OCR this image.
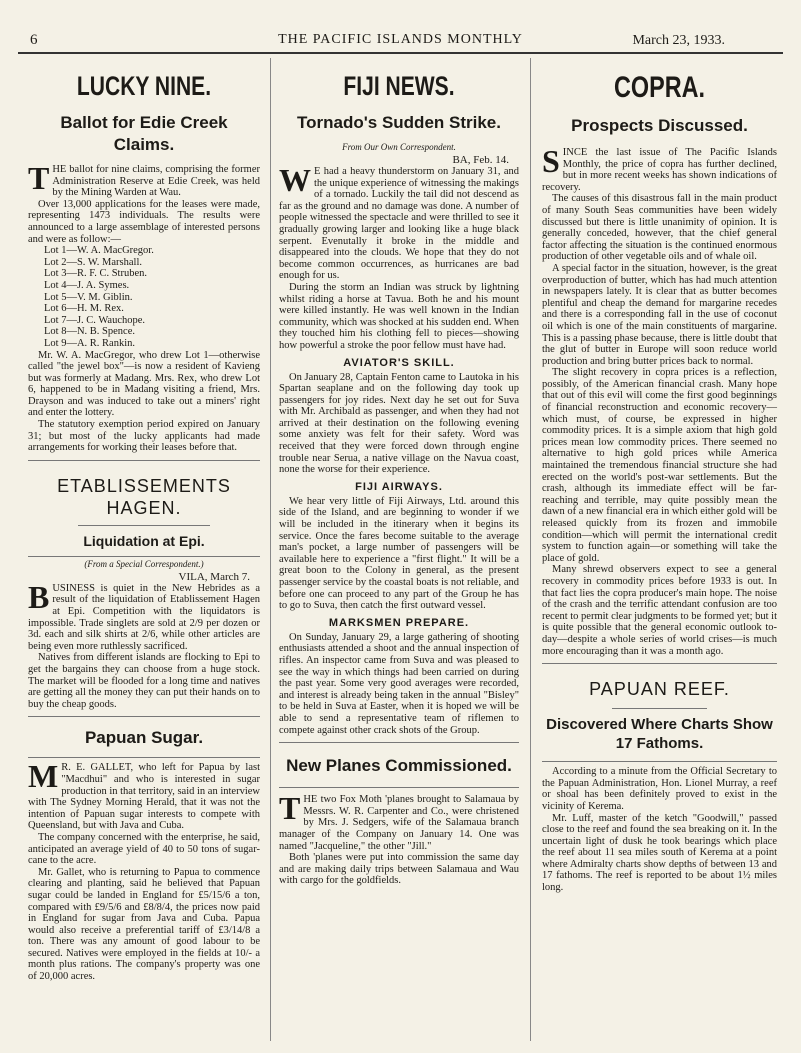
6	THE PACIFIC ISLANDS MONTHLY	March 23, 1933.
LUCKY NINE.
Ballot for Edie Creek Claims.

THE ballot for nine claims, comprising the former Administration Reserve at Edie Creek, was held by the Mining Warden at Wau.

Over 13,000 applications for the leases were made, representing 1473 individuals. The results were announced to a large assemblage of interested persons and were as follow:—

Lot 1—W. A. MacGregor.
Lot 2—S. W. Marshall.
Lot 3—R. F. C. Struben.
Lot 4—J. A. Symes.
Lot 5—V. M. Giblin.
Lot 6—H. M. Rex.
Lot 7—J. C. Wauchope.
Lot 8—N. B. Spence.
Lot 9—A. R. Rankin.

Mr. W. A. MacGregor, who drew Lot 1—otherwise called "the jewel box"—is now a resident of Kavieng but was formerly at Madang. Mrs. Rex, who drew Lot 6, happened to be in Madang visiting a friend, Mrs. Drayson and was induced to take out a miners' right and enter the lottery.

The statutory exemption period expired on January 31; but most of the lucky applicants had made arrangements for working their leases before that.

ETABLISSEMENTS HAGEN.
Liquidation at Epi.
(From a Special Correspondent.)
VILA, March 7.

BUSINESS is quiet in the New Hebrides as a result of the liquidation of Etablissement Hagen at Epi. Competition with the liquidators is impossible. Trade singlets are sold at 2/9 per dozen or 3d. each and silk shirts at 2/6, while other articles are being even more ruthlessly sacrificed.

Natives from different islands are flocking to Epi to get the bargains they can choose from a huge stock. The market will be flooded for a long time and natives are getting all the money they can put their hands on to buy the cheap goods.

Papuan Sugar.

M R. E. GALLET, who left for Papua by last "Macdhui" and who is interested in sugar production in that territory, said in an interview with The Sydney Morning Herald, that it was not the intention of Papuan sugar interests to compete with Queensland, but with Java and Cuba.

The company concerned with the enterprise, he said, anticipated an average yield of 40 to 50 tons of sugar-cane to the acre.

Mr. Gallet, who is returning to Papua to commence clearing and planting, said he believed that Papuan sugar could be landed in England for £5/15/6 a ton, compared with £9/5/6 and £8/8/4, the prices now paid in England for sugar from Java and Cuba. Papua would also receive a preferential tariff of £3/14/8 a ton. There was any amount of good labour to be secured. Natives were employed in the fields at 10/- a month plus rations. The company's property was one of 20,000 acres.

FIJI NEWS.
Tornado's Sudden Strike.
From Our Own Correspondent.
BA, Feb. 14.

W E had a heavy thunderstorm on January 31, and the unique experience of witnessing the makings of a tornado. Luckily the tail did not descend as far as the ground and no damage was done. A number of people witnessed the spectacle and were thrilled to see it gradually growing larger and looking like a huge black serpent. Evenutally it broke in the middle and disappeared into the clouds. We hope that they do not become common occurrences, as hurricanes are bad enough for us.

During the storm an Indian was struck by lightning whilst riding a horse at Tavua. Both he and his mount were killed instantly. He was well known in the Indian community, which was shocked at his sudden end. When they touched him his clothing fell to pieces—showing how powerful a stroke the poor fellow must have had.

AVIATOR'S SKILL.

On January 28, Captain Fenton came to Lautoka in his Spartan seaplane and on the following day took up passengers for joy rides. Next day he set out for Suva with Mr. Archibald as passenger, and when they had not arrived at their destination on the following evening some anxiety was felt for their safety. Word was received that they were forced down through engine trouble near Serua, a native village on the Navua coast, none the worse for their experience.

FIJI AIRWAYS.

We hear very little of Fiji Airways, Ltd. around this side of the Island, and are beginning to wonder if we will be included in the itinerary when it begins its service. Once the fares become suitable to the average man's pocket, a large number of passengers will be available here to experience a "first flight." It will be a great boon to the Colony in general, as the present passenger service by the coastal boats is not reliable, and before one can proceed to any part of the Group he has to go to Suva, then catch the first outward vessel.

MARKSMEN PREPARE.

On Sunday, January 29, a large gathering of shooting enthusiasts attended a shoot and the annual inspection of rifles. An inspector came from Suva and was pleased to see the way in which things had been carried on during the past year. Some very good averages were recorded, and interest is already being taken in the annual "Bisley" to be held in Suva at Easter, when it is hoped we will be able to send a representative team of riflemen to compete against other crack shots of the Group.

New Planes Commissioned.

THE two Fox Moth 'planes brought to Salamaua by Messrs. W. R. Carpenter and Co., were christened by Mrs. J. Sedgers, wife of the Salamaua branch manager of the Company on January 14. One was named "Jacqueline," the other "Jill."

Both 'planes were put into commission the same day and are making daily trips between Salamaua and Wau with cargo for the goldfields.

COPRA.
Prospects Discussed.

SINCE the last issue of The Pacific Islands Monthly, the price of copra has further declined, but in more recent weeks has shown indications of recovery.

The causes of this disastrous fall in the main product of many South Seas communities have been widely discussed but there is little unanimity of opinion. It is generally conceded, however, that the chief general factor affecting the situation is the continued enormous production of other vegetable oils and of whale oil.

A special factor in the situation, however, is the great overproduction of butter, which has had much attention in newspapers lately. It is clear that as butter becomes plentiful and cheap the demand for margarine recedes and there is a corresponding fall in the use of coconut oil which is one of the main constituents of margarine. This is a passing phase because, there is little doubt that the glut of butter in Europe will soon reduce world production and bring butter prices back to normal.

The slight recovery in copra prices is a reflection, possibly, of the American financial crash. Many hope that out of this evil will come the first good beginnings of financial reconstruction and economic recovery—which must, of course, be expressed in higher commodity prices. It is a simple axiom that high gold prices mean low commodity prices. There seemed no alternative to high gold prices while America maintained the tremendous financial structure she had erected on the world's post-war settlements. But the crash, although its immediate effect will be far-reaching and terrible, may quite possibly mean the dawn of a new financial era in which either gold will be released quickly from its frozen and immobile condition—which will permit the international credit system to function again—or something will take the place of gold.

Many shrewd observers expect to see a general recovery in commodity prices before 1933 is out. In that fact lies the copra producer's main hope. The noise of the crash and the terrific attendant confusion are too recent to permit clear judgments to be formed yet; but it is quite possible that the general economic outlook to-day—despite a whole series of world crises—is much more encouraging than it was a month ago.

PAPUAN REEF.
Discovered Where Charts Show 17 Fathoms.

According to a minute from the Official Secretary to the Papuan Administration, Hon. Lionel Murray, a reef or shoal has been definitely proved to exist in the vicinity of Kerema.

Mr. Luff, master of the ketch "Goodwill," passed close to the reef and found the sea breaking on it. In the uncertain light of dusk he took bearings which place the reef about 11 sea miles south of Kerema at a point where Admiralty charts show depths of between 13 and 17 fathoms. The reef is reported to be about 1½ miles long.
